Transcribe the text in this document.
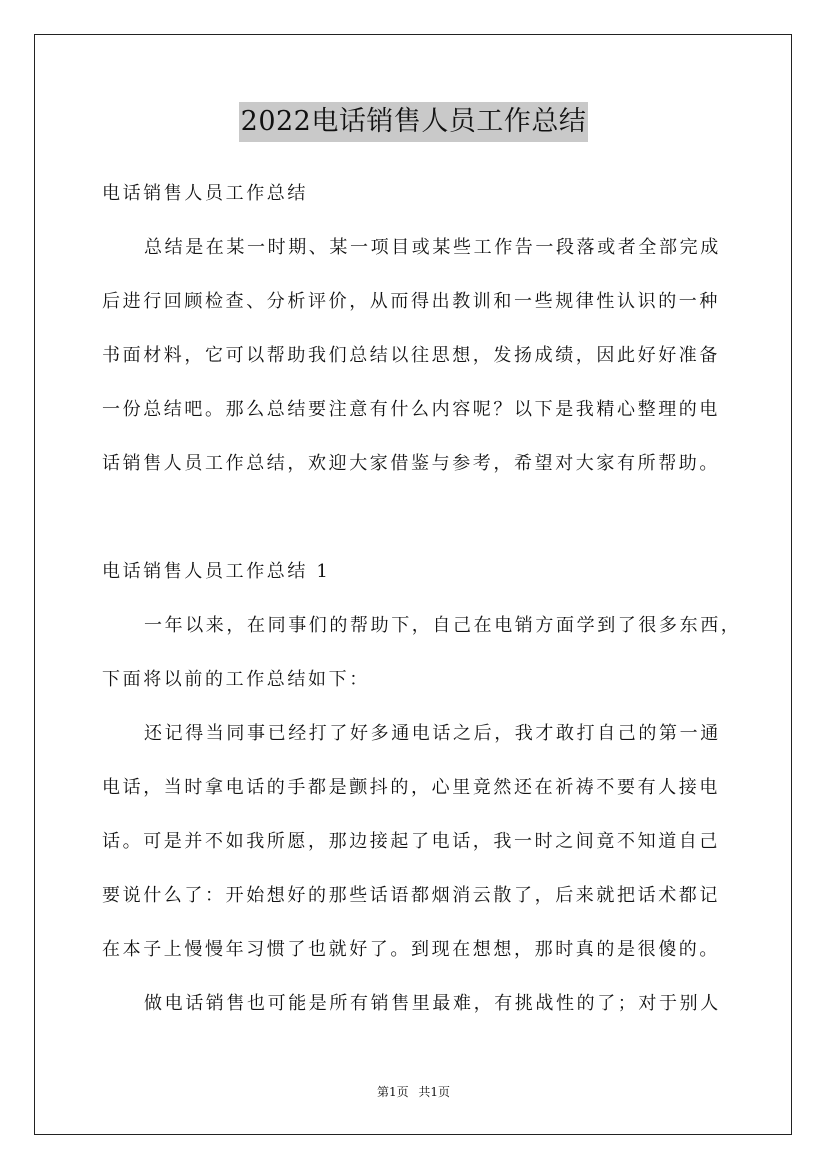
2022电话销售人员工作总结
电话销售人员工作总结
总结是在某一时期、某一项目或某些工作告一段落或者全部完成
后进行回顾检查、分析评价，从而得出教训和一些规律性认识的一种
书面材料，它可以帮助我们总结以往思想，发扬成绩，因此好好准备
一份总结吧。那么总结要注意有什么内容呢？以下是我精心整理的电
话销售人员工作总结，欢迎大家借鉴与参考，希望对大家有所帮助。
电话销售人员工作总结 1
一年以来，在同事们的帮助下，自己在电销方面学到了很多东西，
下面将以前的工作总结如下：
还记得当同事已经打了好多通电话之后，我才敢打自己的第一通
电话，当时拿电话的手都是颤抖的，心里竟然还在祈祷不要有人接电
话。可是并不如我所愿，那边接起了电话，我一时之间竟不知道自己
要说什么了：开始想好的那些话语都烟消云散了，后来就把话术都记
在本子上慢慢年习惯了也就好了。到现在想想，那时真的是很傻的。
做电话销售也可能是所有销售里最难，有挑战性的了；对于别人
第1页 共1页
